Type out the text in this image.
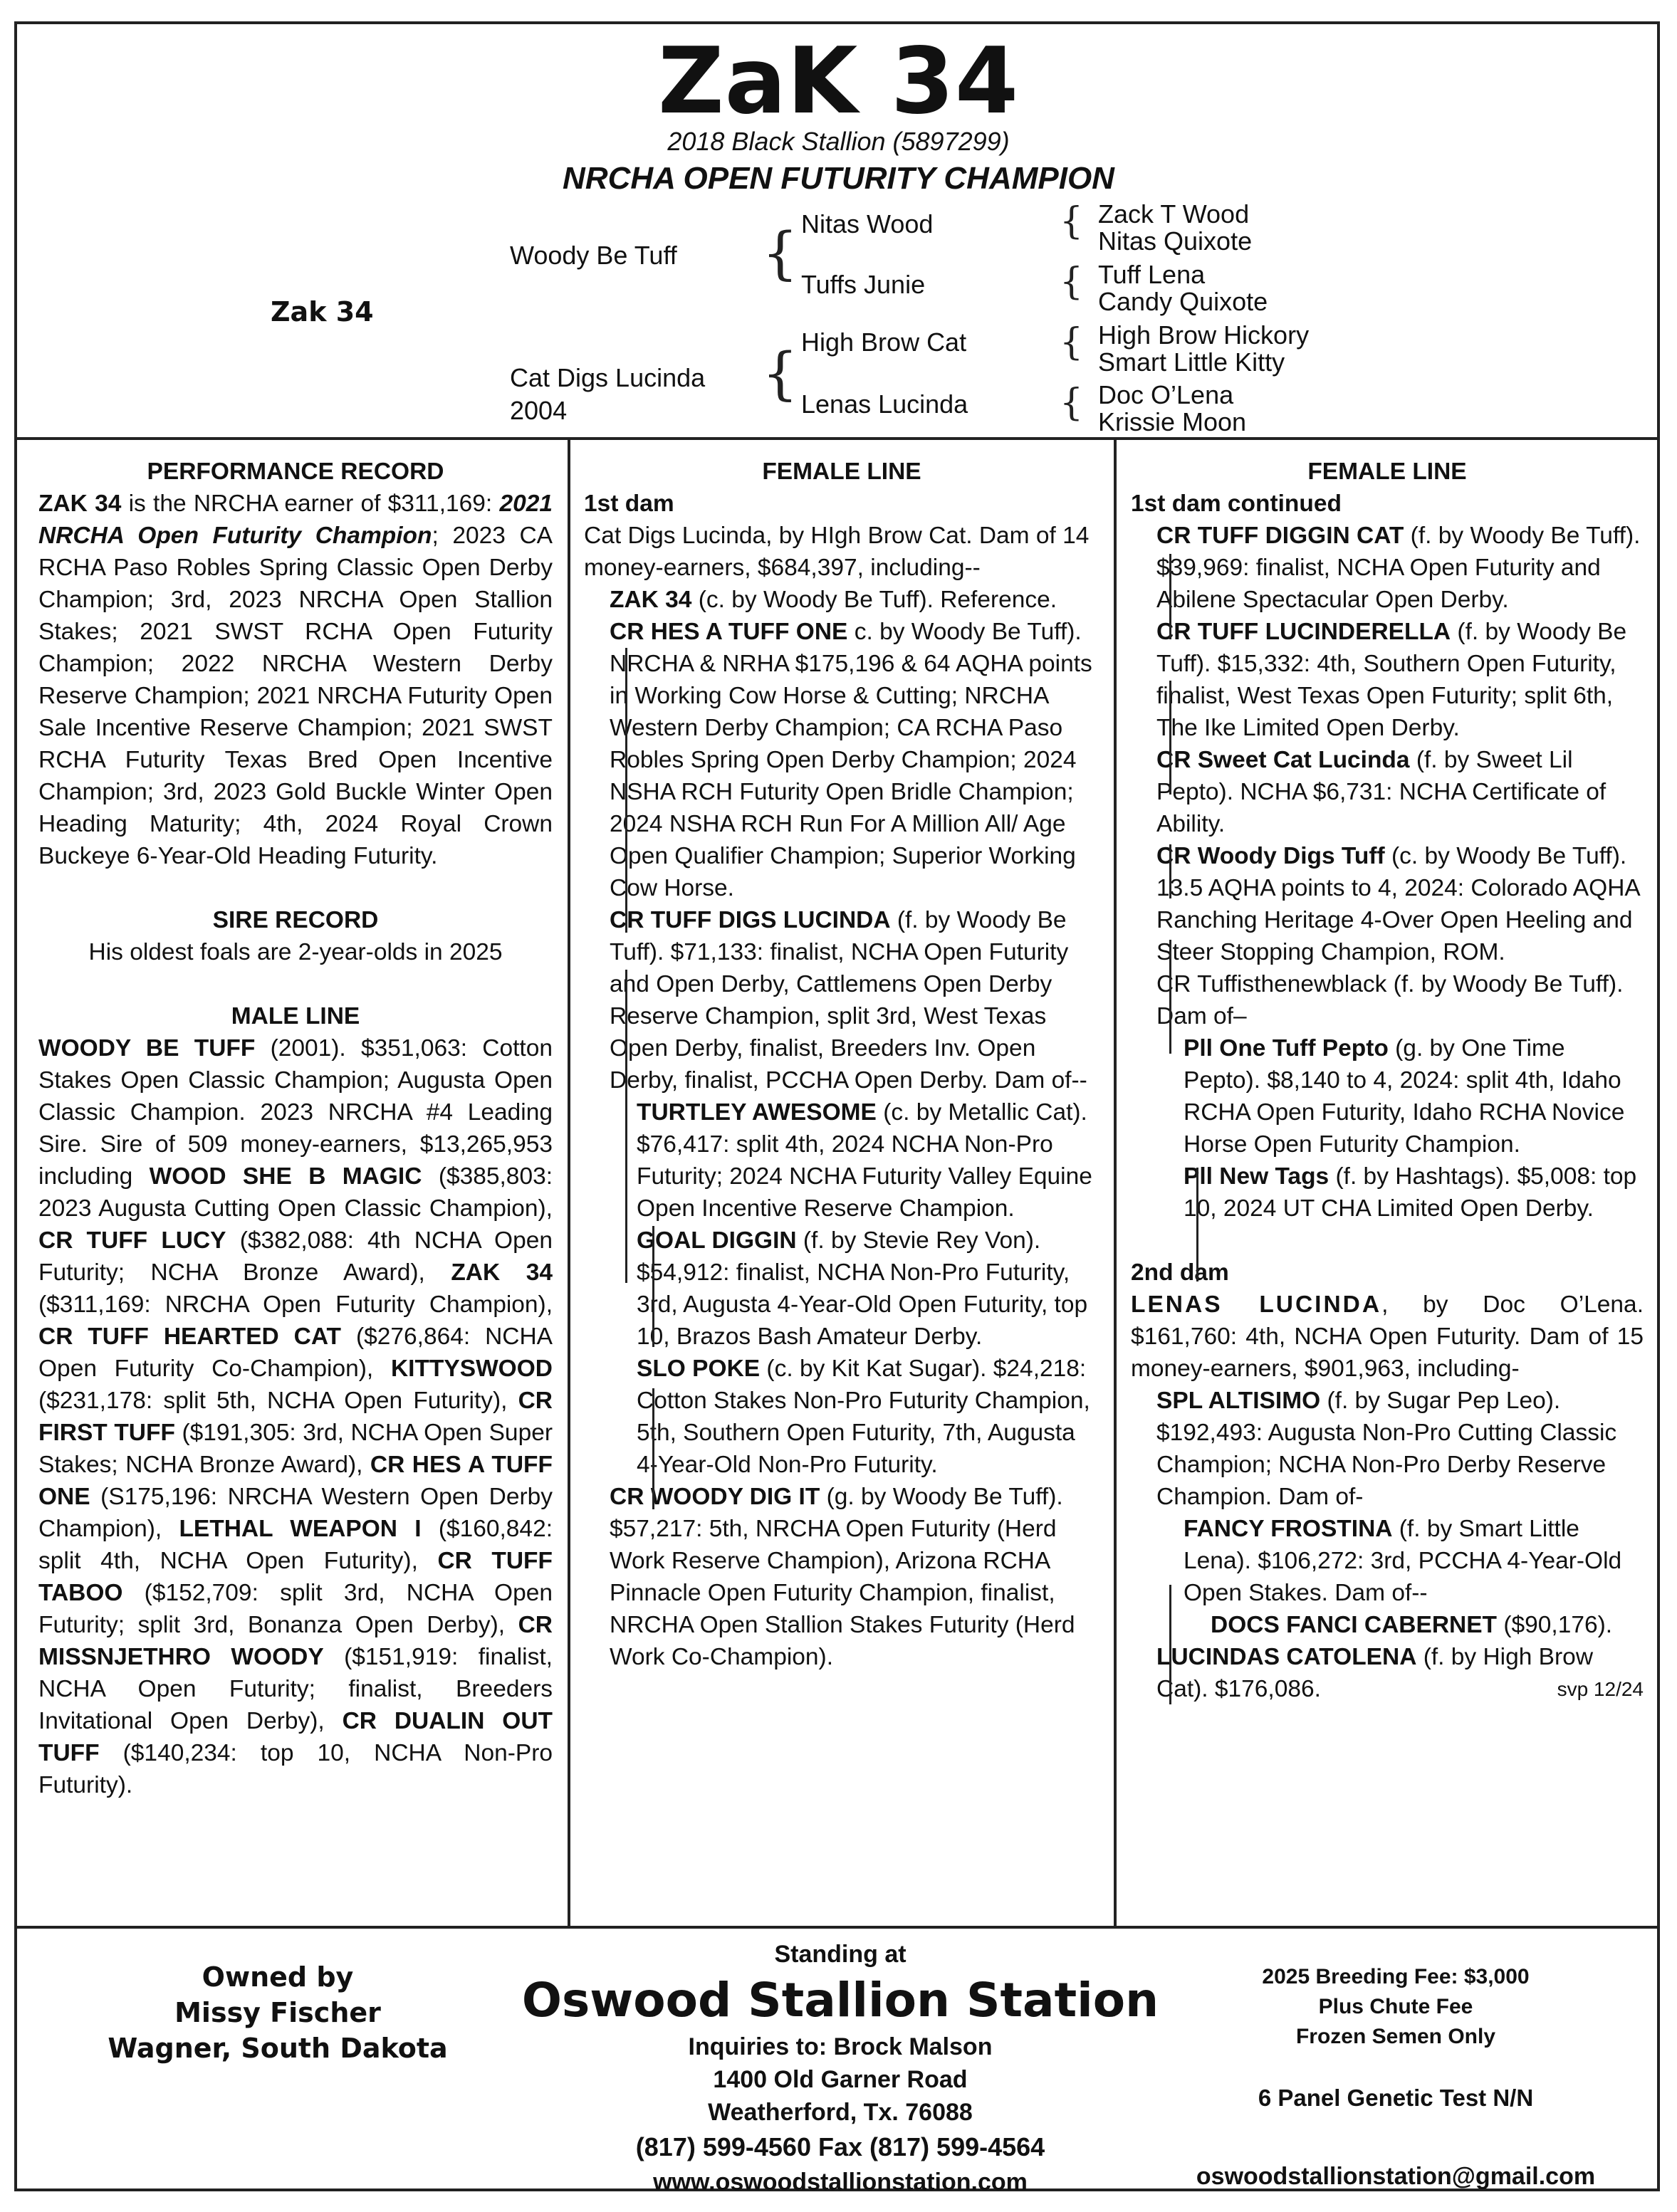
ZaK 34
2018 Black Stallion (5897299)
NRCHA OPEN FUTURITY CHAMPION
Zak 34
Woody Be Tuff
Cat Digs Lucinda
2004
{
{
Nitas Wood
Tuffs Junie
High Brow Cat
Lenas Lucinda
{
{
{
{
Zack T Wood
Nitas Quixote
Tuff Lena
Candy Quixote
High Brow Hickory
Smart Little Kitty
Doc O’Lena
Krissie Moon

PERFORMANCE RECORD

ZAK 34 is the NRCHA earner of $311,169: 2021 NRCHA Open Futurity Champion; 2023 CA RCHA Paso Robles Spring Classic Open Derby Champion; 3rd, 2023 NRCHA Open Stallion Stakes; 2021 SWST RCHA Open Futurity Champion; 2022 NRCHA Western Derby Reserve Champion; 2021 NRCHA Futurity Open Sale Incentive Reserve Champion; 2021 SWST RCHA Futurity Texas Bred Open Incentive Champion; 3rd, 2023 Gold Buckle Winter Open Heading Maturity; 4th, 2024 Royal Crown Buckeye 6-Year-Old Heading Futurity.

SIRE RECORD

His oldest foals are 2-year-olds in 2025

MALE LINE

WOODY BE TUFF (2001). $351,063: Cotton Stakes Open Classic Champion; Augusta Open Classic Champion. 2023 NRCHA #4 Leading Sire. Sire of 509 money-earners, $13,265,953 including WOOD SHE B MAGIC ($385,803: 2023 Augusta Cutting Open Classic Champion), CR TUFF LUCY ($382,088: 4th NCHA Open Futurity; NCHA Bronze Award), ZAK 34 ($311,169: NRCHA Open Futurity Champion), CR TUFF HEARTED CAT ($276,864: NCHA Open Futurity Co-Champion), KITTYSWOOD ($231,178: split 5th, NCHA Open Futurity), CR FIRST TUFF ($191,305: 3rd, NCHA Open Super Stakes; NCHA Bronze Award), CR HES A TUFF ONE (S175,196: NRCHA Western Open Derby Champion), LETHAL WEAPON I ($160,842: split 4th, NCHA Open Futurity), CR TUFF TABOO ($152,709: split 3rd, NCHA Open Futurity; split 3rd, Bonanza Open Derby), CR MISSNJETHRO WOODY ($151,919: finalist, NCHA Open Futurity; finalist, Breeders Invitational Open Derby), CR DUALIN OUT TUFF ($140,234: top 10, NCHA Non-Pro Futurity).

FEMALE LINE

1st dam

Cat Digs Lucinda, by HIgh Brow Cat. Dam of 14 money-earners, $684,397, including--

ZAK 34 (c. by Woody Be Tuff). Reference.

CR HES A TUFF ONE c. by Woody Be Tuff). NRCHA & NRHA $175,196 & 64 AQHA points in Working Cow Horse & Cutting; NRCHA Western Derby Champion; CA RCHA Paso Robles Spring Open Derby Champion; 2024 NSHA RCH Futurity Open Bridle Champion; 2024 NSHA RCH Run For A Million All/ Age Open Qualifier Champion; Superior Working Cow Horse.

CR TUFF DIGS LUCINDA (f. by Woody Be Tuff). $71,133: finalist, NCHA Open Futurity and Open Derby, Cattlemens Open Derby Reserve Champion, split 3rd, West Texas Open Derby, finalist, Breeders Inv. Open Derby, finalist, PCCHA Open Derby. Dam of--

TURTLEY AWESOME (c. by Metallic Cat). $76,417: split 4th, 2024 NCHA Non-Pro Futurity; 2024 NCHA Futurity Valley Equine Open Incentive Reserve Champion.

GOAL DIGGIN (f. by Stevie Rey Von). $54,912: finalist, NCHA Non-Pro Futurity, 3rd, Augusta 4-Year-Old Open Futurity, top 10, Brazos Bash Amateur Derby.

SLO POKE (c. by Kit Kat Sugar). $24,218: Cotton Stakes Non-Pro Futurity Champion, 5th, Southern Open Futurity, 7th, Augusta 4-Year-Old Non-Pro Futurity.

CR WOODY DIG IT (g. by Woody Be Tuff). $57,217: 5th, NRCHA Open Futurity (Herd Work Reserve Champion), Arizona RCHA Pinnacle Open Futurity Champion, finalist, NRCHA Open Stallion Stakes Futurity (Herd Work Co-Champion).

FEMALE LINE

1st dam continued

CR TUFF DIGGIN CAT (f. by Woody Be Tuff). $39,969: finalist, NCHA Open Futurity and Abilene Spectacular Open Derby.

CR TUFF LUCINDERELLA (f. by Woody Be Tuff). $15,332: 4th, Southern Open Futurity, finalist, West Texas Open Futurity; split 6th, The Ike Limited Open Derby.

CR Sweet Cat Lucinda (f. by Sweet Lil Pepto). NCHA $6,731: NCHA Certificate of Ability.

CR Woody Digs Tuff (c. by Woody Be Tuff). 13.5 AQHA points to 4, 2024: Colorado AQHA Ranching Heritage 4-Over Open Heeling and Steer Stopping Champion, ROM.

CR Tuffisthenewblack (f. by Woody Be Tuff). Dam of–

Pll One Tuff Pepto (g. by One Time Pepto). $8,140 to 4, 2024: split 4th, Idaho RCHA Open Futurity, Idaho RCHA Novice Horse Open Futurity Champion.

Pll New Tags (f. by Hashtags). $5,008: top 10, 2024 UT CHA Limited Open Derby.

2nd dam

LENAS LUCINDA, by Doc O’Lena. $161,760: 4th, NCHA Open Futurity. Dam of 15 money-earners, $901,963, including-

SPL ALTISIMO (f. by Sugar Pep Leo). $192,493: Augusta Non-Pro Cutting Classic Champion; NCHA Non-Pro Derby Reserve Champion. Dam of-

FANCY FROSTINA (f. by Smart Little Lena). $106,272: 3rd, PCCHA 4-Year-Old Open Stakes. Dam of--

DOCS FANCI CABERNET ($90,176).

LUCINDAS CATOLENA (f. by High Brow Cat). $176,086.	svp 12/24

Owned by
Missy Fischer
Wagner, South Dakota
Standing at
Oswood Stallion Station
Inquiries to: Brock Malson
1400 Old Garner Road
Weatherford, Tx. 76088
(817) 599-4560 Fax (817) 599-4564
www.oswoodstallionstation.com
2025 Breeding Fee: $3,000
Plus Chute Fee
Frozen Semen Only
6 Panel Genetic Test N/N
oswoodstallionstation@gmail.com
